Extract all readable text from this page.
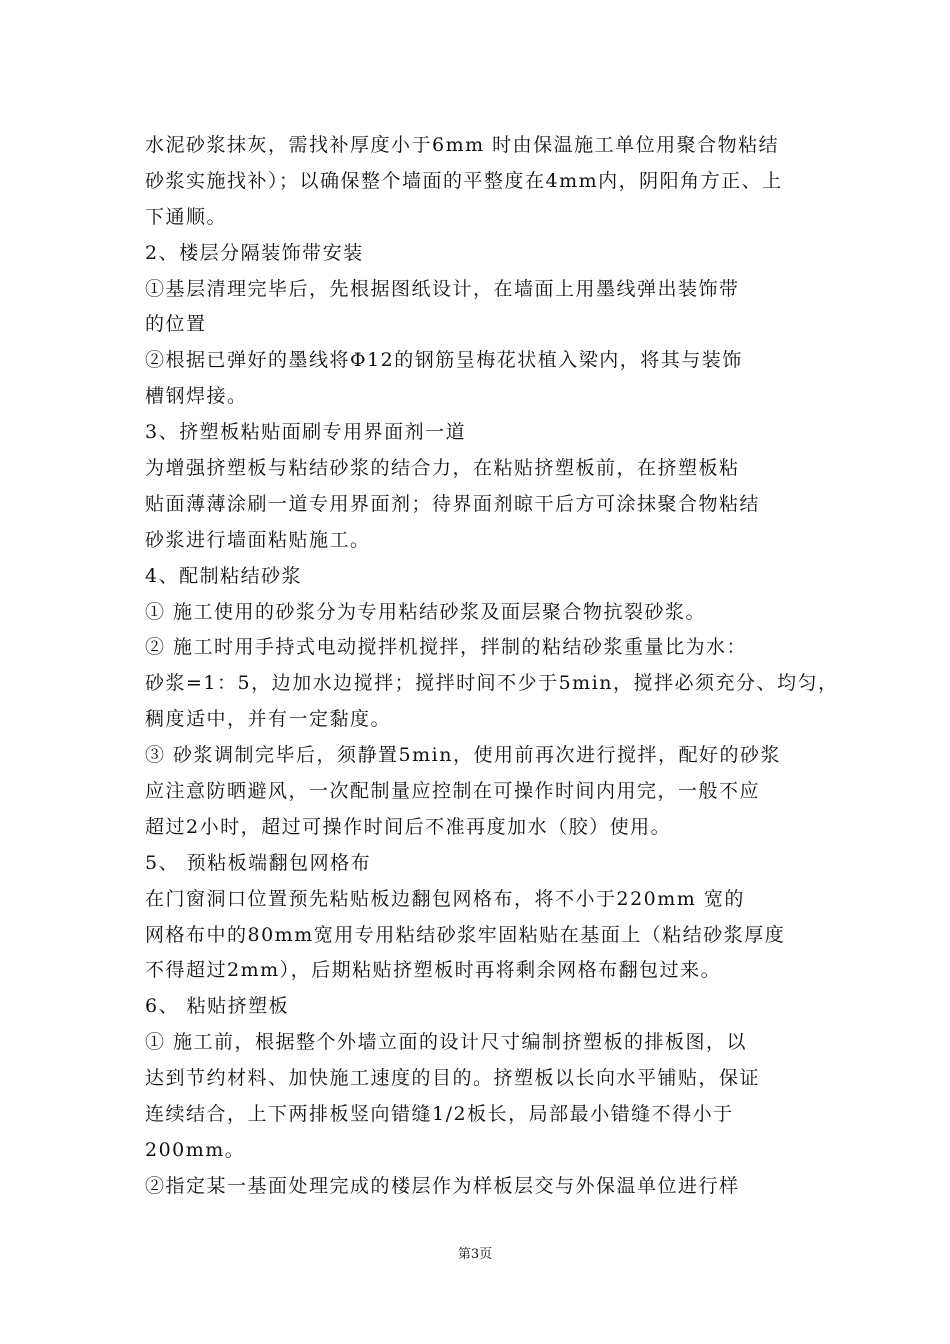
水泥砂浆抹灰，需找补厚度小于6mm 时由保温施工单位用聚合物粘结
砂浆实施找补）；以确保整个墙面的平整度在4mm内，阴阳角方正、上
下通顺。
2、楼层分隔装饰带安装
①基层清理完毕后，先根据图纸设计，在墙面上用墨线弹出装饰带
的位置
②根据已弹好的墨线将Φ12的钢筋呈梅花状植入梁内，将其与装饰
槽钢焊接。
3、挤塑板粘贴面刷专用界面剂一道
为增强挤塑板与粘结砂浆的结合力，在粘贴挤塑板前，在挤塑板粘
贴面薄薄涂刷一道专用界面剂；待界面剂晾干后方可涂抹聚合物粘结
砂浆进行墙面粘贴施工。
4、配制粘结砂浆
① 施工使用的砂浆分为专用粘结砂浆及面层聚合物抗裂砂浆。
② 施工时用手持式电动搅拌机搅拌，拌制的粘结砂浆重量比为水：
砂浆=1：5，边加水边搅拌；搅拌时间不少于5min，搅拌必须充分、均匀，
稠度适中，并有一定黏度。
③ 砂浆调制完毕后，须静置5min，使用前再次进行搅拌，配好的砂浆
应注意防晒避风，一次配制量应控制在可操作时间内用完，一般不应
超过2小时，超过可操作时间后不准再度加水（胶）使用。
5、 预粘板端翻包网格布
在门窗洞口位置预先粘贴板边翻包网格布，将不小于220mm 宽的
网格布中的80mm宽用专用粘结砂浆牢固粘贴在基面上（粘结砂浆厚度
不得超过2mm），后期粘贴挤塑板时再将剩余网格布翻包过来。
6、 粘贴挤塑板
① 施工前，根据整个外墙立面的设计尺寸编制挤塑板的排板图，以
达到节约材料、加快施工速度的目的。挤塑板以长向水平铺贴，保证
连续结合，上下两排板竖向错缝1/2板长，局部最小错缝不得小于
200mm。
②指定某一基面处理完成的楼层作为样板层交与外保温单位进行样
第3页
